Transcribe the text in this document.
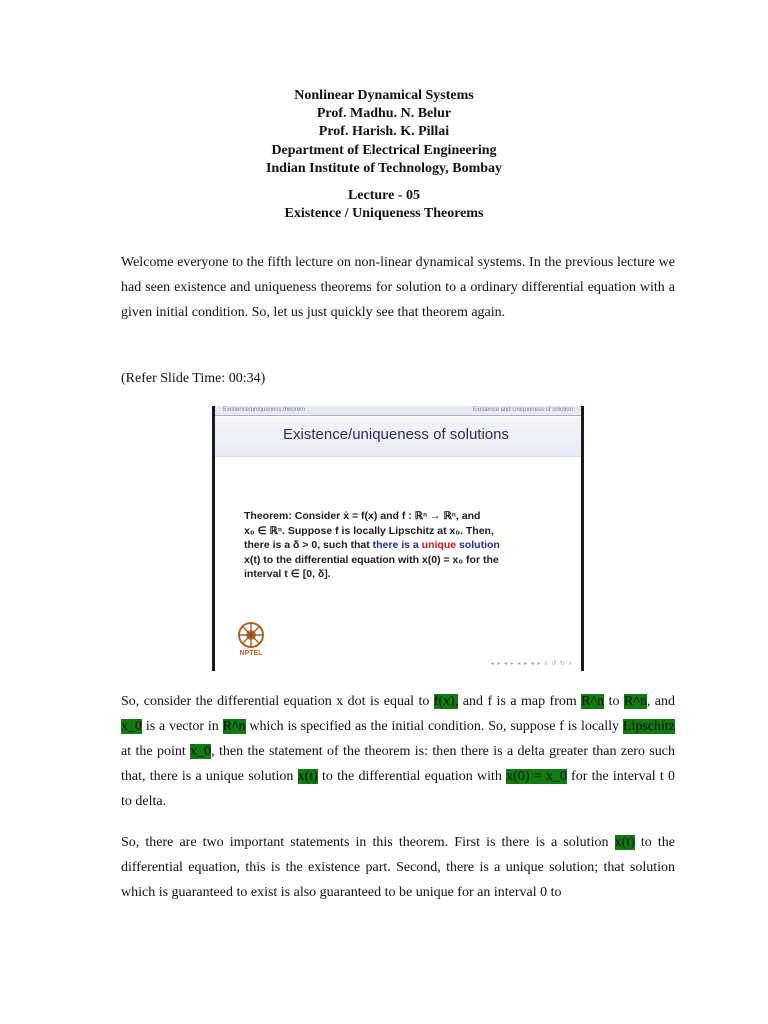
Nonlinear Dynamical Systems
Prof. Madhu. N. Belur
Prof. Harish. K. Pillai
Department of Electrical Engineering
Indian Institute of Technology, Bombay
Lecture - 05
Existence / Uniqueness Theorems
Welcome everyone to the fifth lecture on non-linear dynamical systems. In the previous lecture we had seen existence and uniqueness theorems for solution to a ordinary differential equation with a given initial condition. So, let us just quickly see that theorem again.
(Refer Slide Time: 00:34)
Existence/uniqueness theorem	Existence and Uniqueness of solution
Existence/uniqueness of solutions
Theorem: Consider ẋ = f(x) and f : ℝⁿ → ℝⁿ, and
x₀ ∈ ℝⁿ. Suppose f is locally Lipschitz at x₀. Then,
there is a δ > 0, such that there is a unique solution
x(t) to the differential equation with x(0) = x₀ for the
interval t ∈ [0, δ].
NPTEL
◂ ▸ ◂ ▸ ◂ ▸ ◂ ▸ ≡ ↺ ↻ ⌕
So, consider the differential equation x dot is equal to f(x), and f is a map from R^n to R^n, and x_0 is a vector in R^n which is specified as the initial condition. So, suppose f is locally Lipschitz at the point x_0, then the statement of the theorem is: then there is a delta greater than zero such that, there is a unique solution x(t) to the differential equation with x(0) = x_0 for the interval t 0 to delta.
So, there are two important statements in this theorem. First is there is a solution x(t) to the differential equation, this is the existence part. Second, there is a unique solution; that solution which is guaranteed to exist is also guaranteed to be unique for an interval 0 to
